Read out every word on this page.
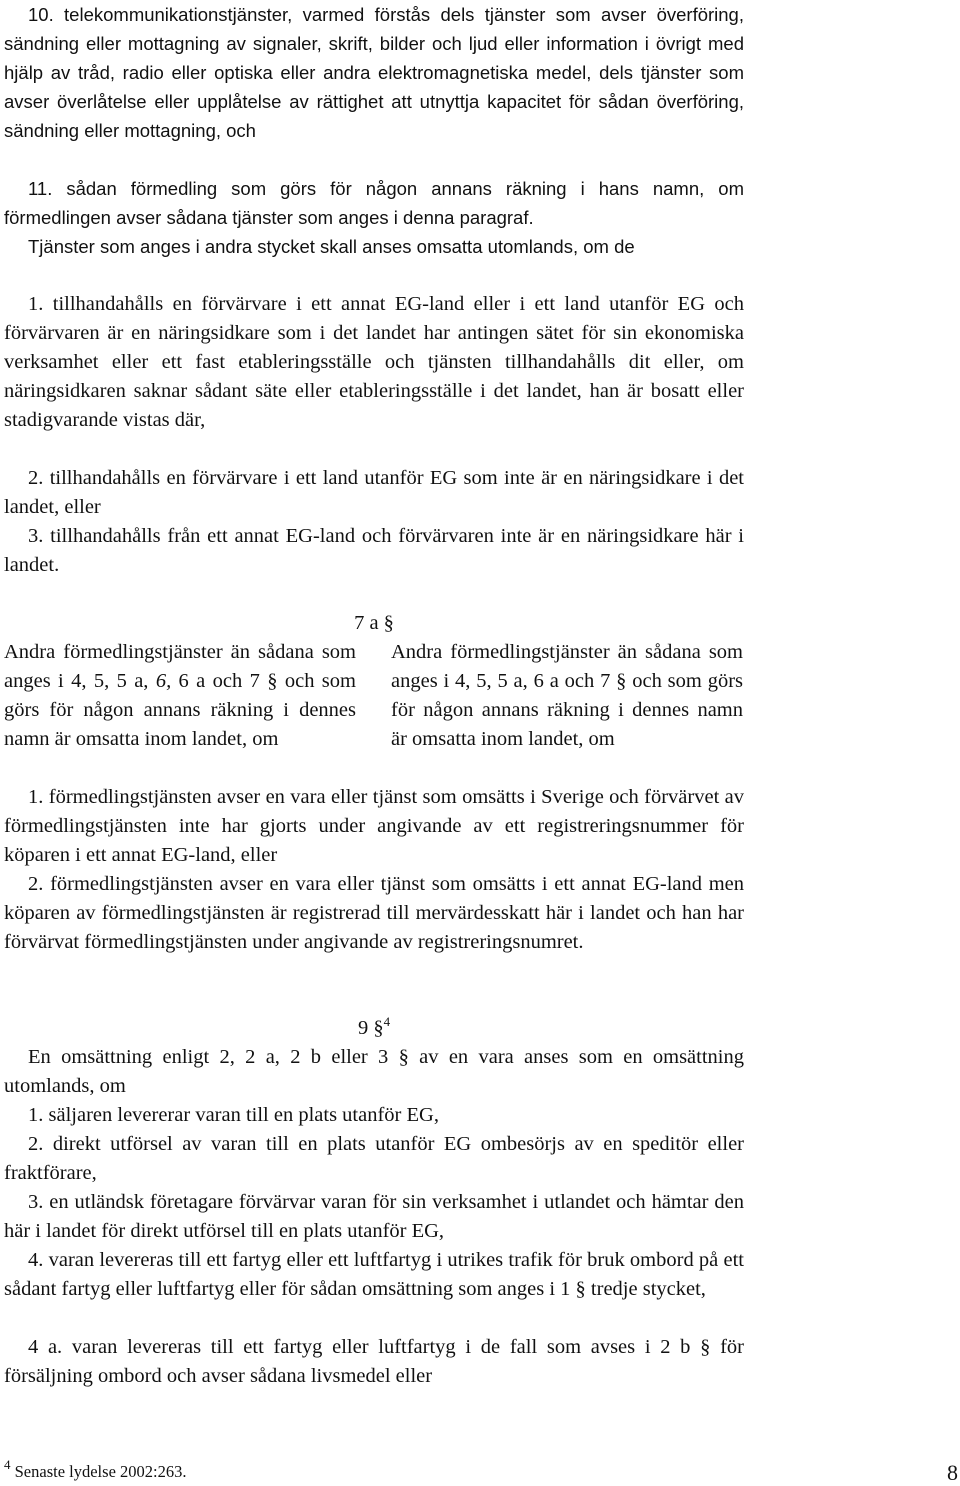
10. telekommunikationstjänster, varmed förstås dels tjänster som avser överföring, sändning eller mottagning av signaler, skrift, bilder och ljud eller information i övrigt med hjälp av tråd, radio eller optiska eller andra elektromagnetiska medel, dels tjänster som avser överlåtelse eller upplåtelse av rättighet att utnyttja kapacitet för sådan överföring, sändning eller mottagning, och
11. sådan förmedling som görs för någon annans räkning i hans namn, om förmedlingen avser sådana tjänster som anges i denna paragraf.
Tjänster som anges i andra stycket skall anses omsatta utomlands, om de
1. tillhandahålls en förvärvare i ett annat EG-land eller i ett land utanför EG och förvärvaren är en näringsidkare som i det landet har antingen sätet för sin ekonomiska verksamhet eller ett fast etableringsställe och tjänsten tillhandahålls dit eller, om näringsidkaren saknar sådant säte eller etableringsställe i det landet, han är bosatt eller stadigvarande vistas där,
2. tillhandahålls en förvärvare i ett land utanför EG som inte är en näringsidkare i det landet, eller
3. tillhandahålls från ett annat EG-land och förvärvaren inte är en näringsidkare här i landet.
7 a §
Andra förmedlingstjänster än sådana som anges i 4, 5, 5 a, 6, 6 a och 7 § och som görs för någon annans räkning i dennes namn är omsatta inom landet, om
Andra förmedlingstjänster än sådana som anges i 4, 5, 5 a, 6 a och 7 § och som görs för någon annans räkning i dennes namn är omsatta inom landet, om
1. förmedlingstjänsten avser en vara eller tjänst som omsätts i Sverige och förvärvet av förmedlingstjänsten inte har gjorts under angivande av ett registreringsnummer för köparen i ett annat EG-land, eller
2. förmedlingstjänsten avser en vara eller tjänst som omsätts i ett annat EG-land men köparen av förmedlingstjänsten är registrerad till mervärdesskatt här i landet och han har förvärvat förmedlingstjänsten under angivande av registreringsnumret.
9 §$^4$
En omsättning enligt 2, 2 a, 2 b eller 3 § av en vara anses som en omsättning utomlands, om
1. säljaren levererar varan till en plats utanför EG,
2. direkt utförsel av varan till en plats utanför EG ombesörjs av en speditör eller fraktförare,
3. en utländsk företagare förvärvar varan för sin verksamhet i utlandet och hämtar den här i landet för direkt utförsel till en plats utanför EG,
4. varan levereras till ett fartyg eller ett luftfartyg i utrikes trafik för bruk ombord på ett sådant fartyg eller luftfartyg eller för sådan omsättning som anges i 1 § tredje stycket,
4 a. varan levereras till ett fartyg eller luftfartyg i de fall som avses i 2 b § för försäljning ombord och avser sådana livsmedel eller
$^4$ Senaste lydelse 2002:263.	8
